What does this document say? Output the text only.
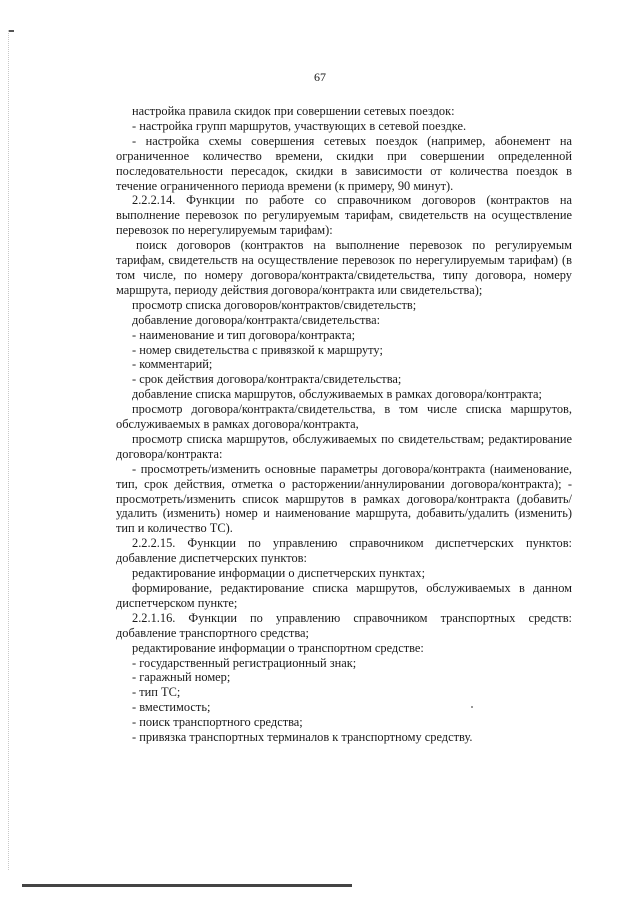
67

настройка правила скидок при совершении сетевых поездок:

- настройка групп маршрутов, участвующих в сетевой поездке.

- настройка схемы совершения сетевых поездок (например, абонемент на ограниченное количество времени, скидки при совершении определенной последовательности пересадок, скидки в зависимости от количества поездок в течение ограниченного периода времени (к примеру, 90 минут).

2.2.2.14. Функции по работе со справочником договоров (контрактов на выполнение перевозок по регулируемым тарифам, свидетельств на осуществление перевозок по нерегулируемым тарифам):

поиск договоров (контрактов на выполнение перевозок по регулируемым тарифам, свидетельств на осуществление перевозок по нерегулируемым тарифам) (в том числе, по номеру договора/контракта/свидетельства, типу договора, номеру маршрута, периоду действия договора/контракта или свидетельства);

просмотр списка договоров/контрактов/свидетельств;

добавление договора/контракта/свидетельства:

- наименование и тип договора/контракта;

- номер свидетельства с привязкой к маршруту;

- комментарий;

- срок действия договора/контракта/свидетельства;

добавление списка маршрутов, обслуживаемых в рамках договора/контракта;

просмотр договора/контракта/свидетельства, в том числе списка маршрутов, обслуживаемых в рамках договора/контракта,

просмотр списка маршрутов, обслуживаемых по свидетельствам; редактирование договора/контракта:

- просмотреть/изменить основные параметры договора/контракта (наименование, тип, срок действия, отметка о расторжении/аннулировании договора/контракта); - просмотреть/изменить список маршрутов в рамках договора/контракта (добавить/удалить (изменить) номер и наименование маршрута, добавить/удалить (изменить) тип и количество ТС).

2.2.2.15. Функции по управлению справочником диспетчерских пунктов: добавление диспетчерских пунктов:

редактирование информации о диспетчерских пунктах;

формирование, редактирование списка маршрутов, обслуживаемых в данном диспетчерском пункте;

2.2.1.16. Функции по управлению справочником транспортных средств: добавление транспортного средства;

редактирование информации о транспортном средстве:

- государственный регистрационный знак;

- гаражный номер;

- тип ТС;

- вместимость;

- поиск транспортного средства;

- привязка транспортных терминалов к транспортному средству.
